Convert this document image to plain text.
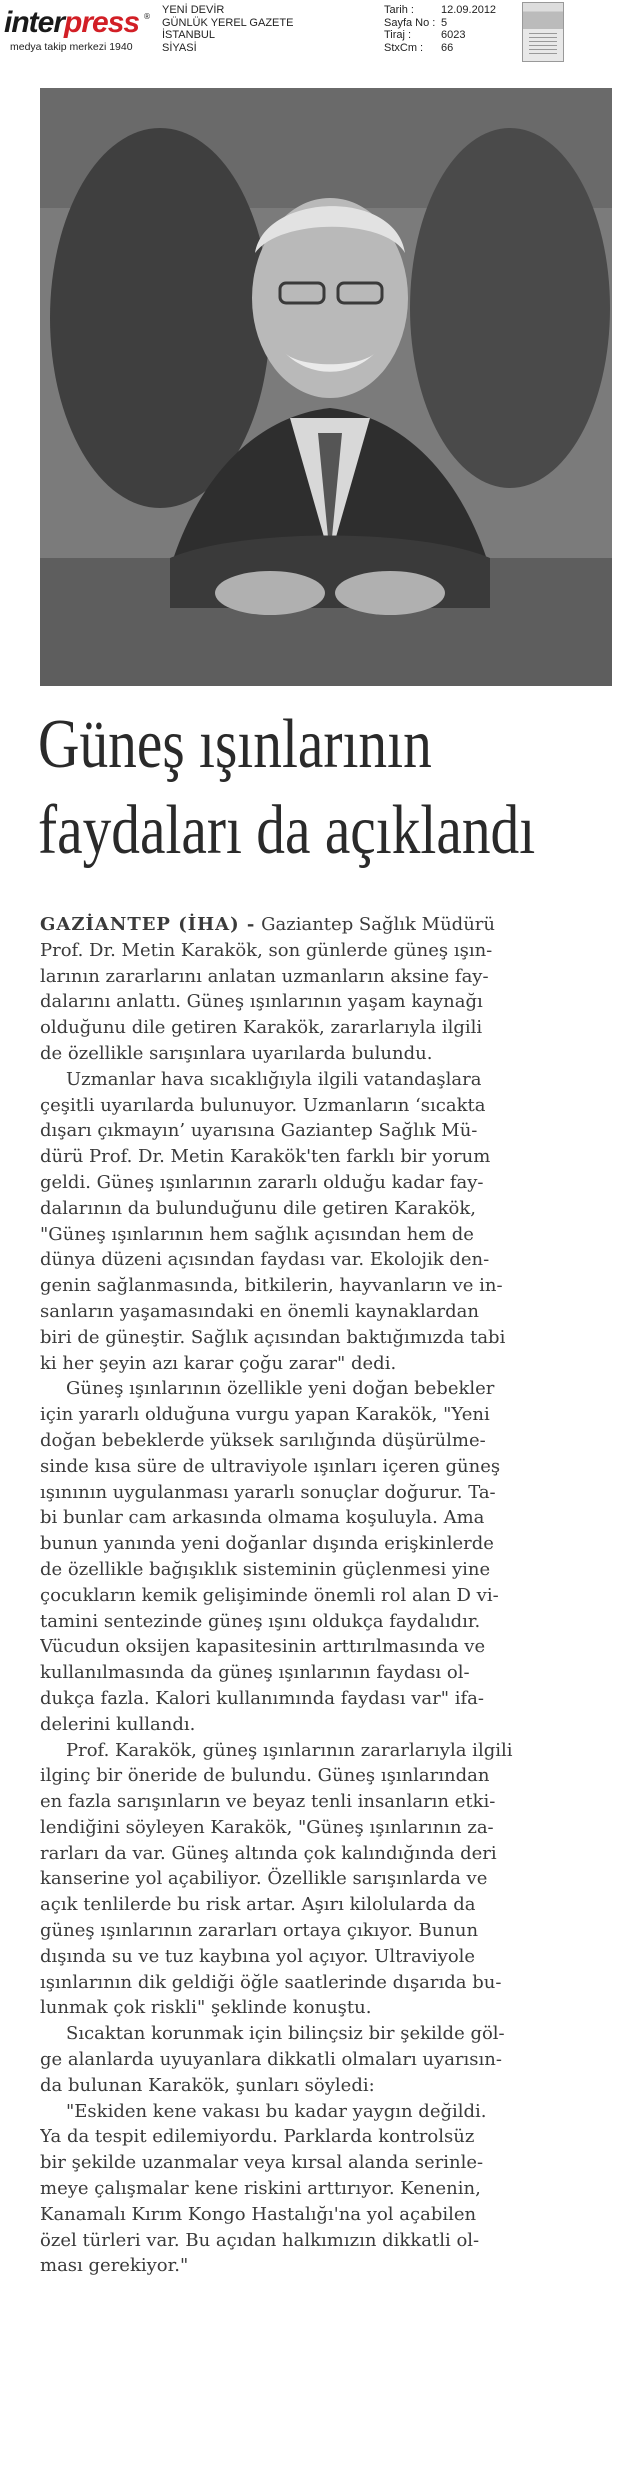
interpress ®
medya takip merkezi 1940
YENİ DEVİR
GÜNLÜK YEREL GAZETE
İSTANBUL
SİYASİ
Tarih :	12.09.2012
Sayfa No : 5
Tiraj :	6023
StxCm :	66
Güneş ışınlarının
faydaları da açıklandı
GAZİANTEP (İHA) - Gaziantep Sağlık Müdürü
Prof. Dr. Metin Karakök, son günlerde güneş ışın-
larının zararlarını anlatan uzmanların aksine fay-
dalarını anlattı. Güneş ışınlarının yaşam kaynağı
olduğunu dile getiren Karakök, zararlarıyla ilgili
de özellikle sarışınlara uyarılarda bulundu.
Uzmanlar hava sıcaklığıyla ilgili vatandaşlara
çeşitli uyarılarda bulunuyor. Uzmanların ‘sıcakta
dışarı çıkmayın’ uyarısına Gaziantep Sağlık Mü-
dürü Prof. Dr. Metin Karakök'ten farklı bir yorum
geldi. Güneş ışınlarının zararlı olduğu kadar fay-
dalarının da bulunduğunu dile getiren Karakök,
"Güneş ışınlarının hem sağlık açısından hem de
dünya düzeni açısından faydası var. Ekolojik den-
genin sağlanmasında, bitkilerin, hayvanların ve in-
sanların yaşamasındaki en önemli kaynaklardan
biri de güneştir. Sağlık açısından baktığımızda tabi
ki her şeyin azı karar çoğu zarar" dedi.
Güneş ışınlarının özellikle yeni doğan bebekler
için yararlı olduğuna vurgu yapan Karakök, "Yeni
doğan bebeklerde yüksek sarılığında düşürülme-
sinde kısa süre de ultraviyole ışınları içeren güneş
ışınının uygulanması yararlı sonuçlar doğurur. Ta-
bi bunlar cam arkasında olmama koşuluyla. Ama
bunun yanında yeni doğanlar dışında erişkinlerde
de özellikle bağışıklık sisteminin güçlenmesi yine
çocukların kemik gelişiminde önemli rol alan D vi-
tamini sentezinde güneş ışını oldukça faydalıdır.
Vücudun oksijen kapasitesinin arttırılmasında ve
kullanılmasında da güneş ışınlarının faydası ol-
dukça fazla. Kalori kullanımında faydası var" ifa-
delerini kullandı.
Prof. Karakök, güneş ışınlarının zararlarıyla ilgili
ilginç bir öneride de bulundu. Güneş ışınlarından
en fazla sarışınların ve beyaz tenli insanların etki-
lendiğini söyleyen Karakök, "Güneş ışınlarının za-
rarları da var. Güneş altında çok kalındığında deri
kanserine yol açabiliyor. Özellikle sarışınlarda ve
açık tenlilerde bu risk artar. Aşırı kilolularda da
güneş ışınlarının zararları ortaya çıkıyor. Bunun
dışında su ve tuz kaybına yol açıyor. Ultraviyole
ışınlarının dik geldiği öğle saatlerinde dışarıda bu-
lunmak çok riskli" şeklinde konuştu.
Sıcaktan korunmak için bilinçsiz bir şekilde göl-
ge alanlarda uyuyanlara dikkatli olmaları uyarısın-
da bulunan Karakök, şunları söyledi:
"Eskiden kene vakası bu kadar yaygın değildi.
Ya da tespit edilemiyordu. Parklarda kontrolsüz
bir şekilde uzanmalar veya kırsal alanda serinle-
meye çalışmalar kene riskini arttırıyor. Kenenin,
Kanamalı Kırım Kongo Hastalığı'na yol açabilen
özel türleri var. Bu açıdan halkımızın dikkatli ol-
ması gerekiyor."
